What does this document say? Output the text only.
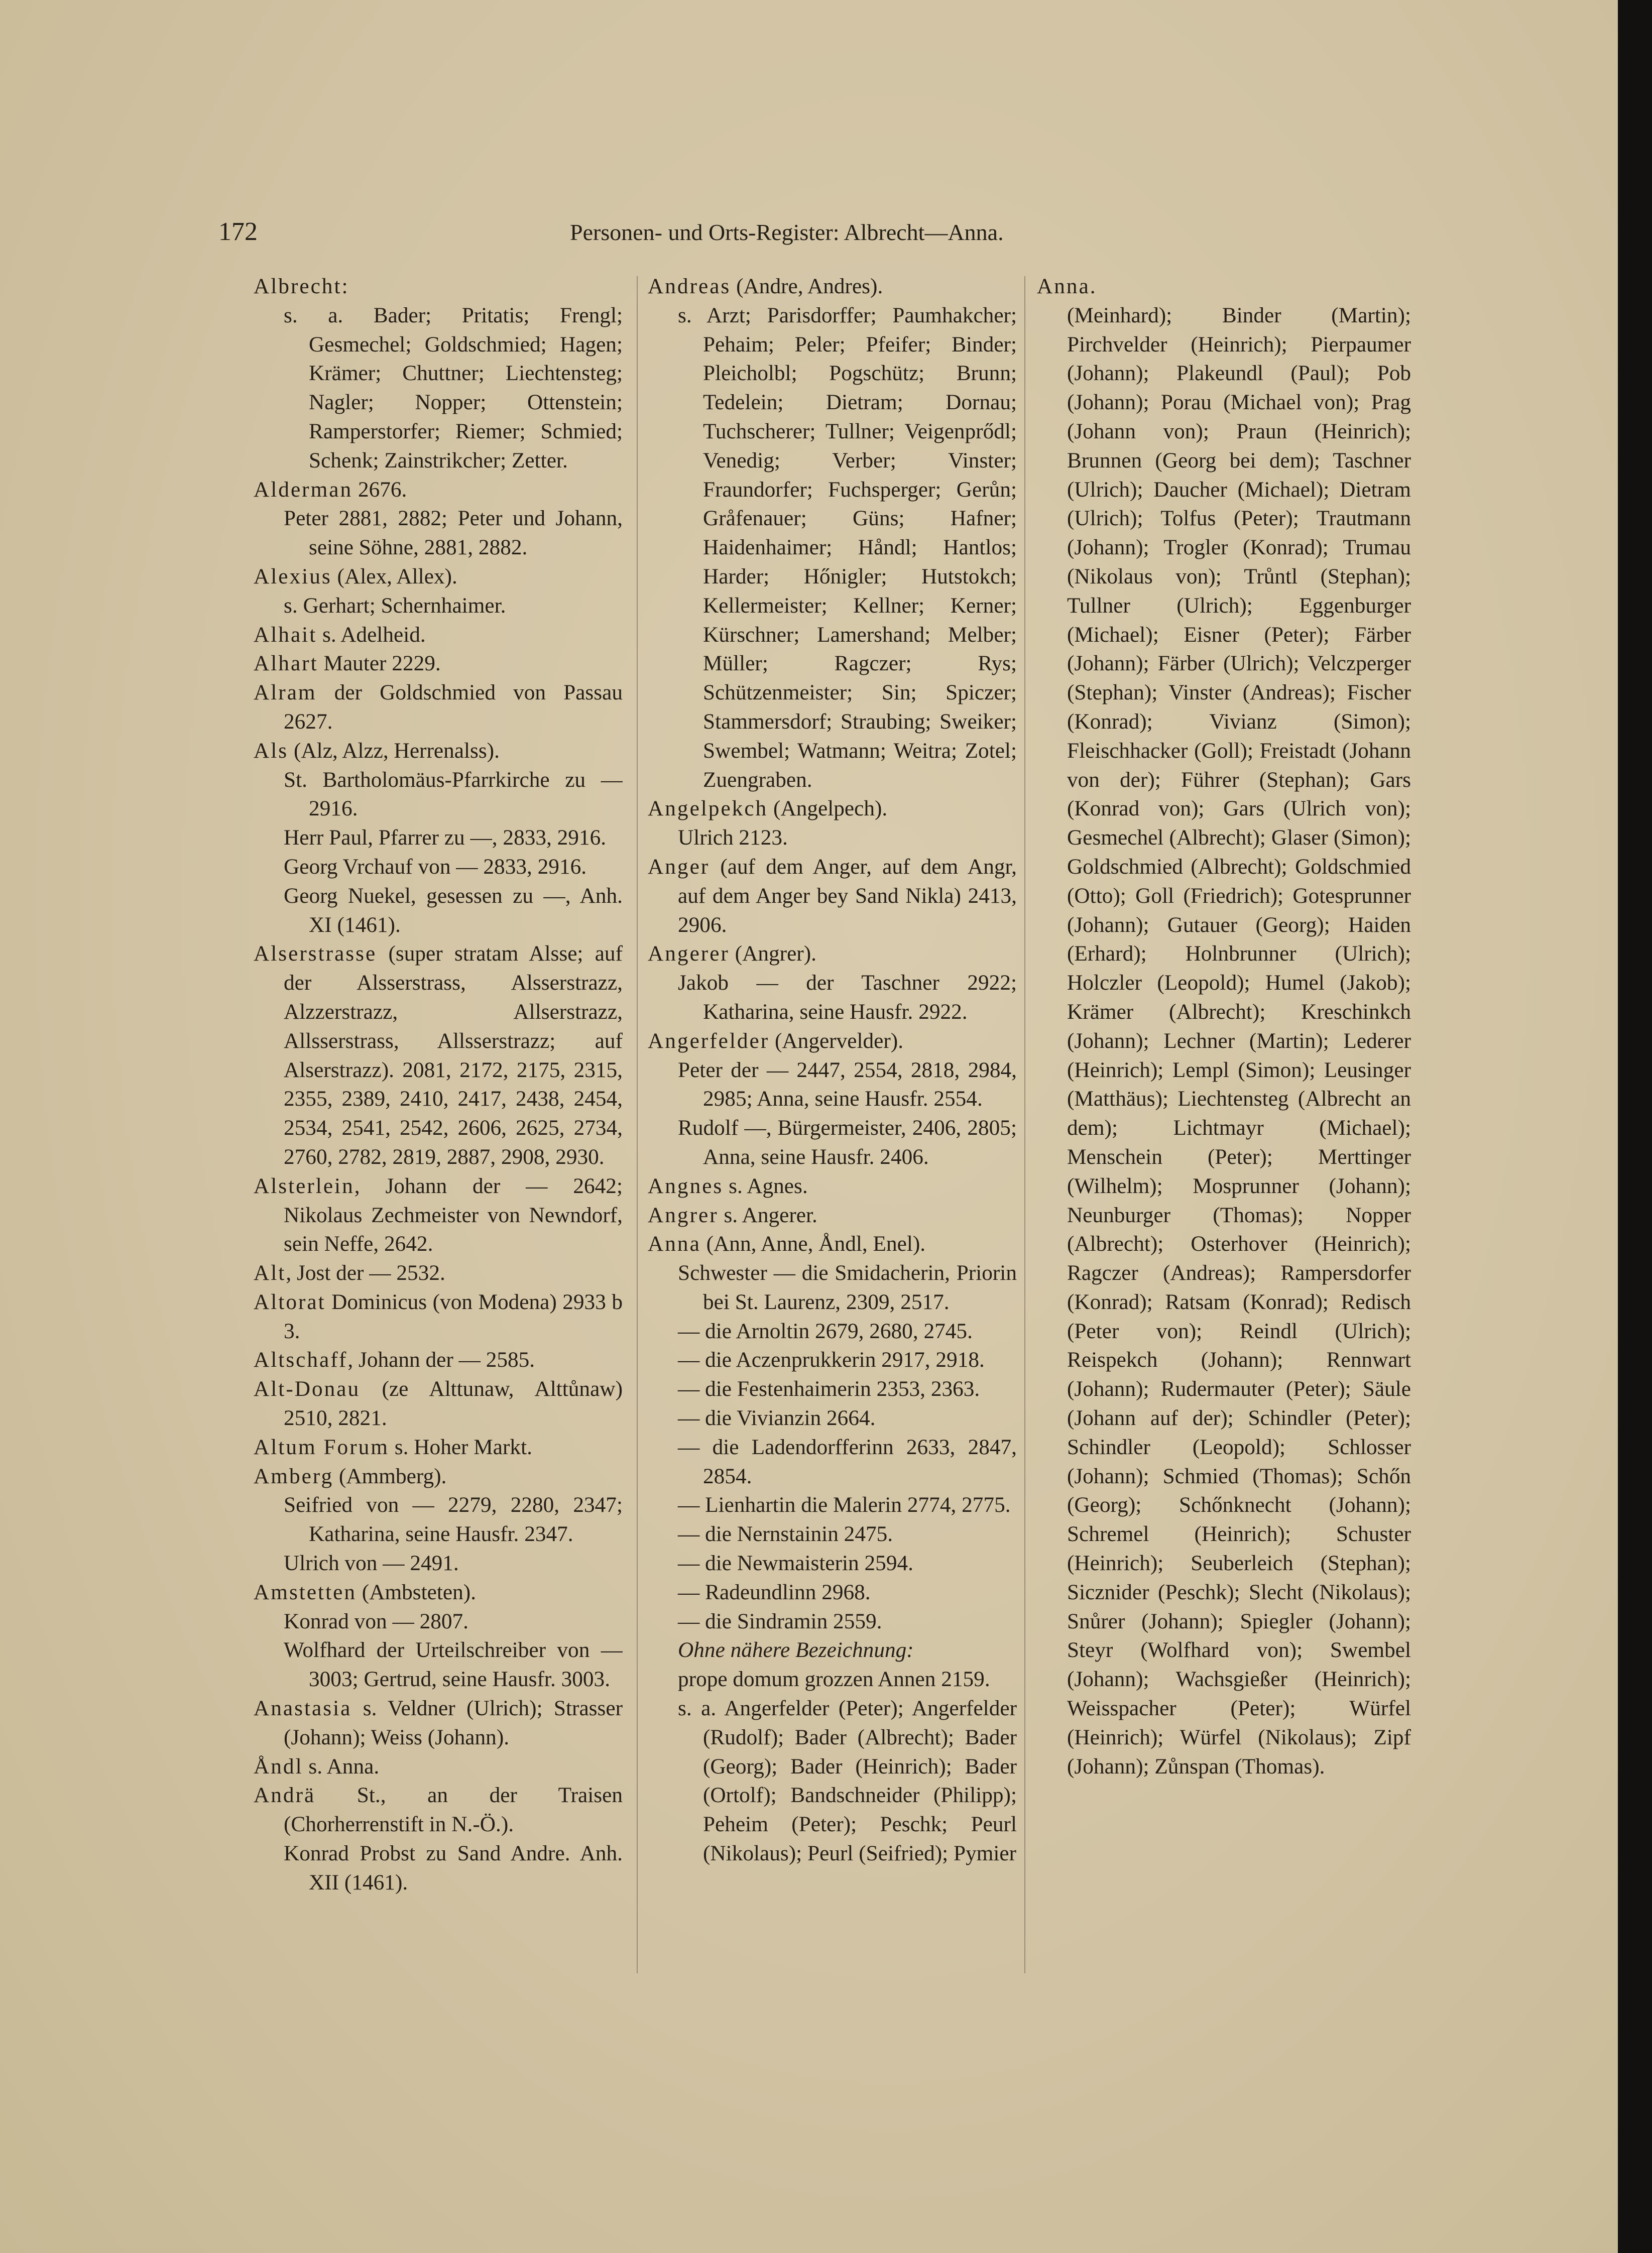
172	Personen- und Orts-Register: Albrecht—Anna.

Albrecht:

s. a. Bader; Pritatis; Frengl; Gesmechel; Goldschmied; Hagen; Krämer; Chuttner; Liechtensteg; Nagler; Nopper; Ottenstein; Ramperstorfer; Riemer; Schmied; Schenk; Zainstrikcher; Zetter.

Alderman 2676.

Peter 2881, 2882; Peter und Johann, seine Söhne, 2881, 2882.

Alexius (Alex, Allex).

s. Gerhart; Schernhaimer.

Alhait s. Adelheid.

Alhart Mauter 2229.

Alram der Goldschmied von Passau 2627.

Als (Alz, Alzz, Herrenalss).

St. Bartholomäus-Pfarrkirche zu — 2916.

Herr Paul, Pfarrer zu —, 2833, 2916.

Georg Vrchauf von — 2833, 2916.

Georg Nuekel, gesessen zu —, Anh. XI (1461).

Alserstrasse (super stratam Alsse; auf der Alsserstrass, Alsserstrazz, Alzzerstrazz, Allserstrazz, Allsserstrass, Allsserstrazz; auf Alserstrazz). 2081, 2172, 2175, 2315, 2355, 2389, 2410, 2417, 2438, 2454, 2534, 2541, 2542, 2606, 2625, 2734, 2760, 2782, 2819, 2887, 2908, 2930.

Alsterlein, Johann der — 2642; Nikolaus Zechmeister von Newndorf, sein Neffe, 2642.

Alt, Jost der — 2532.

Altorat Dominicus (von Modena) 2933 b 3.

Altschaff, Johann der — 2585.

Alt-Donau (ze Alttunaw, Alttůnaw) 2510, 2821.

Altum Forum s. Hoher Markt.

Amberg (Ammberg).

Seifried von — 2279, 2280, 2347; Katharina, seine Hausfr. 2347.

Ulrich von — 2491.

Amstetten (Ambsteten).

Konrad von — 2807.

Wolfhard der Urteilschreiber von — 3003; Gertrud, seine Hausfr. 3003.

Anastasia s. Veldner (Ulrich); Strasser (Johann); Weiss (Johann).

Åndl s. Anna.

Andrä St., an der Traisen (Chorherrenstift in N.-Ö.).

Konrad Probst zu Sand Andre. Anh. XII (1461).

Andreas (Andre, Andres).

s. Arzt; Parisdorffer; Paumhakcher; Pehaim; Peler; Pfeifer; Binder; Pleicholbl; Pogschütz; Brunn; Tedelein; Dietram; Dornau; Tuchscherer; Tullner; Veigenprődl; Venedig; Verber; Vinster; Fraundorfer; Fuchsperger; Gerůn; Gråfenauer; Güns; Hafner; Haidenhaimer; Håndl; Hantlos; Harder; Hőnigler; Hutstokch; Kellermeister; Kellner; Kerner; Kürschner; Lamershand; Melber; Müller; Ragczer; Rys; Schützenmeister; Sin; Spiczer; Stammersdorf; Straubing; Sweiker; Swembel; Watmann; Weitra; Zotel; Zuengraben.

Angelpekch (Angelpech).

Ulrich 2123.

Anger (auf dem Anger, auf dem Angr, auf dem Anger bey Sand Nikla) 2413, 2906.

Angerer (Angrer).

Jakob — der Taschner 2922; Katharina, seine Hausfr. 2922.

Angerfelder (Angervelder).

Peter der — 2447, 2554, 2818, 2984, 2985; Anna, seine Hausfr. 2554.

Rudolf —, Bürgermeister, 2406, 2805; Anna, seine Hausfr. 2406.

Angnes s. Agnes.

Angrer s. Angerer.

Anna (Ann, Anne, Åndl, Enel).

Schwester — die Smidacherin, Priorin bei St. Laurenz, 2309, 2517.

— die Arnoltin 2679, 2680, 2745.

— die Aczenprukkerin 2917, 2918.

— die Festenhaimerin 2353, 2363.

— die Vivianzin 2664.

— die Ladendorfferinn 2633, 2847, 2854.

— Lienhartin die Malerin 2774, 2775.

— die Nernstainin 2475.

— die Newmaisterin 2594.

— Radeundlinn 2968.

— die Sindramin 2559.

Ohne nähere Bezeichnung:

prope domum grozzen Annen 2159.

s. a. Angerfelder (Peter); Angerfelder (Rudolf); Bader (Albrecht); Bader (Georg); Bader (Heinrich); Bader (Ortolf); Bandschneider (Philipp); Peheim (Peter); Peschk; Peurl (Nikolaus); Peurl (Seifried); Pymier

Anna.

(Meinhard); Binder (Martin); Pirchvelder (Heinrich); Pierpaumer (Johann); Plakeundl (Paul); Pob (Johann); Porau (Michael von); Prag (Johann von); Praun (Heinrich); Brunnen (Georg bei dem); Taschner (Ulrich); Daucher (Michael); Dietram (Ulrich); Tolfus (Peter); Trautmann (Johann); Trogler (Konrad); Trumau (Nikolaus von); Trůntl (Stephan); Tullner (Ulrich); Eggenburger (Michael); Eisner (Peter); Färber (Johann); Färber (Ulrich); Velczperger (Stephan); Vinster (Andreas); Fischer (Konrad); Vivianz (Simon); Fleischhacker (Goll); Freistadt (Johann von der); Führer (Stephan); Gars (Konrad von); Gars (Ulrich von); Gesmechel (Albrecht); Glaser (Simon); Goldschmied (Albrecht); Goldschmied (Otto); Goll (Friedrich); Gotesprunner (Johann); Gutauer (Georg); Haiden (Erhard); Holnbrunner (Ulrich); Holczler (Leopold); Humel (Jakob); Krämer (Albrecht); Kreschinkch (Johann); Lechner (Martin); Lederer (Heinrich); Lempl (Simon); Leusinger (Matthäus); Liechtensteg (Albrecht an dem); Lichtmayr (Michael); Menschein (Peter); Merttinger (Wilhelm); Mosprunner (Johann); Neunburger (Thomas); Nopper (Albrecht); Osterhover (Heinrich); Ragczer (Andreas); Rampersdorfer (Konrad); Ratsam (Konrad); Redisch (Peter von); Reindl (Ulrich); Reispekch (Johann); Rennwart (Johann); Rudermauter (Peter); Säule (Johann auf der); Schindler (Peter); Schindler (Leopold); Schlosser (Johann); Schmied (Thomas); Schőn (Georg); Schőnknecht (Johann); Schremel (Heinrich); Schuster (Heinrich); Seuberleich (Stephan); Sicznider (Peschk); Slecht (Nikolaus); Snůrer (Johann); Spiegler (Johann); Steyr (Wolfhard von); Swembel (Johann); Wachsgießer (Heinrich); Weisspacher (Peter); Würfel (Heinrich); Würfel (Nikolaus); Zipf (Johann); Zůnspan (Thomas).
